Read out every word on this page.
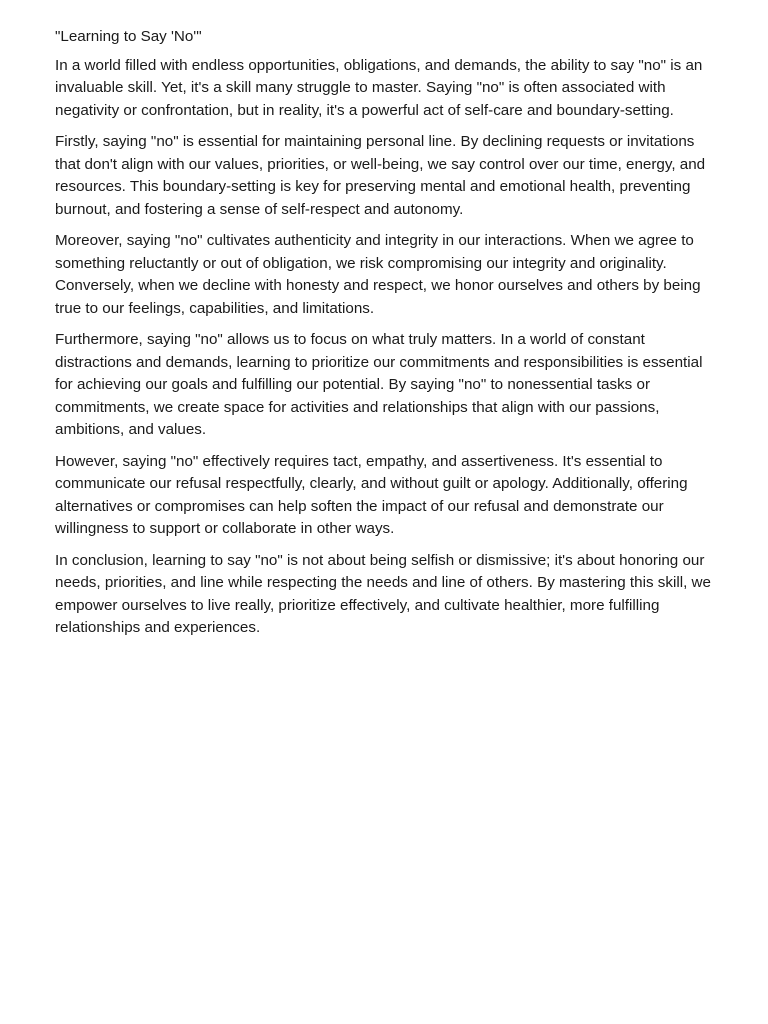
"Learning to Say 'No'"

In a world filled with endless opportunities, obligations, and demands, the ability to say "no" is an invaluable skill. Yet, it's a skill many struggle to master. Saying "no" is often associated with negativity or confrontation, but in reality, it's a powerful act of self-care and boundary-setting.

Firstly, saying "no" is essential for maintaining personal line. By declining requests or invitations that don't align with our values, priorities, or well-being, we say control over our time, energy, and resources. This boundary-setting is key for preserving mental and emotional health, preventing burnout, and fostering a sense of self-respect and autonomy.

Moreover, saying "no" cultivates authenticity and integrity in our interactions. When we agree to something reluctantly or out of obligation, we risk compromising our integrity and originality. Conversely, when we decline with honesty and respect, we honor ourselves and others by being true to our feelings, capabilities, and limitations.

Furthermore, saying "no" allows us to focus on what truly matters. In a world of constant distractions and demands, learning to prioritize our commitments and responsibilities is essential for achieving our goals and fulfilling our potential. By saying "no" to nonessential tasks or commitments, we create space for activities and relationships that align with our passions, ambitions, and values.

However, saying "no" effectively requires tact, empathy, and assertiveness. It's essential to communicate our refusal respectfully, clearly, and without guilt or apology. Additionally, offering alternatives or compromises can help soften the impact of our refusal and demonstrate our willingness to support or collaborate in other ways.

In conclusion, learning to say "no" is not about being selfish or dismissive; it's about honoring our needs, priorities, and line while respecting the needs and line of others. By mastering this skill, we empower ourselves to live really, prioritize effectively, and cultivate healthier, more fulfilling relationships and experiences.
